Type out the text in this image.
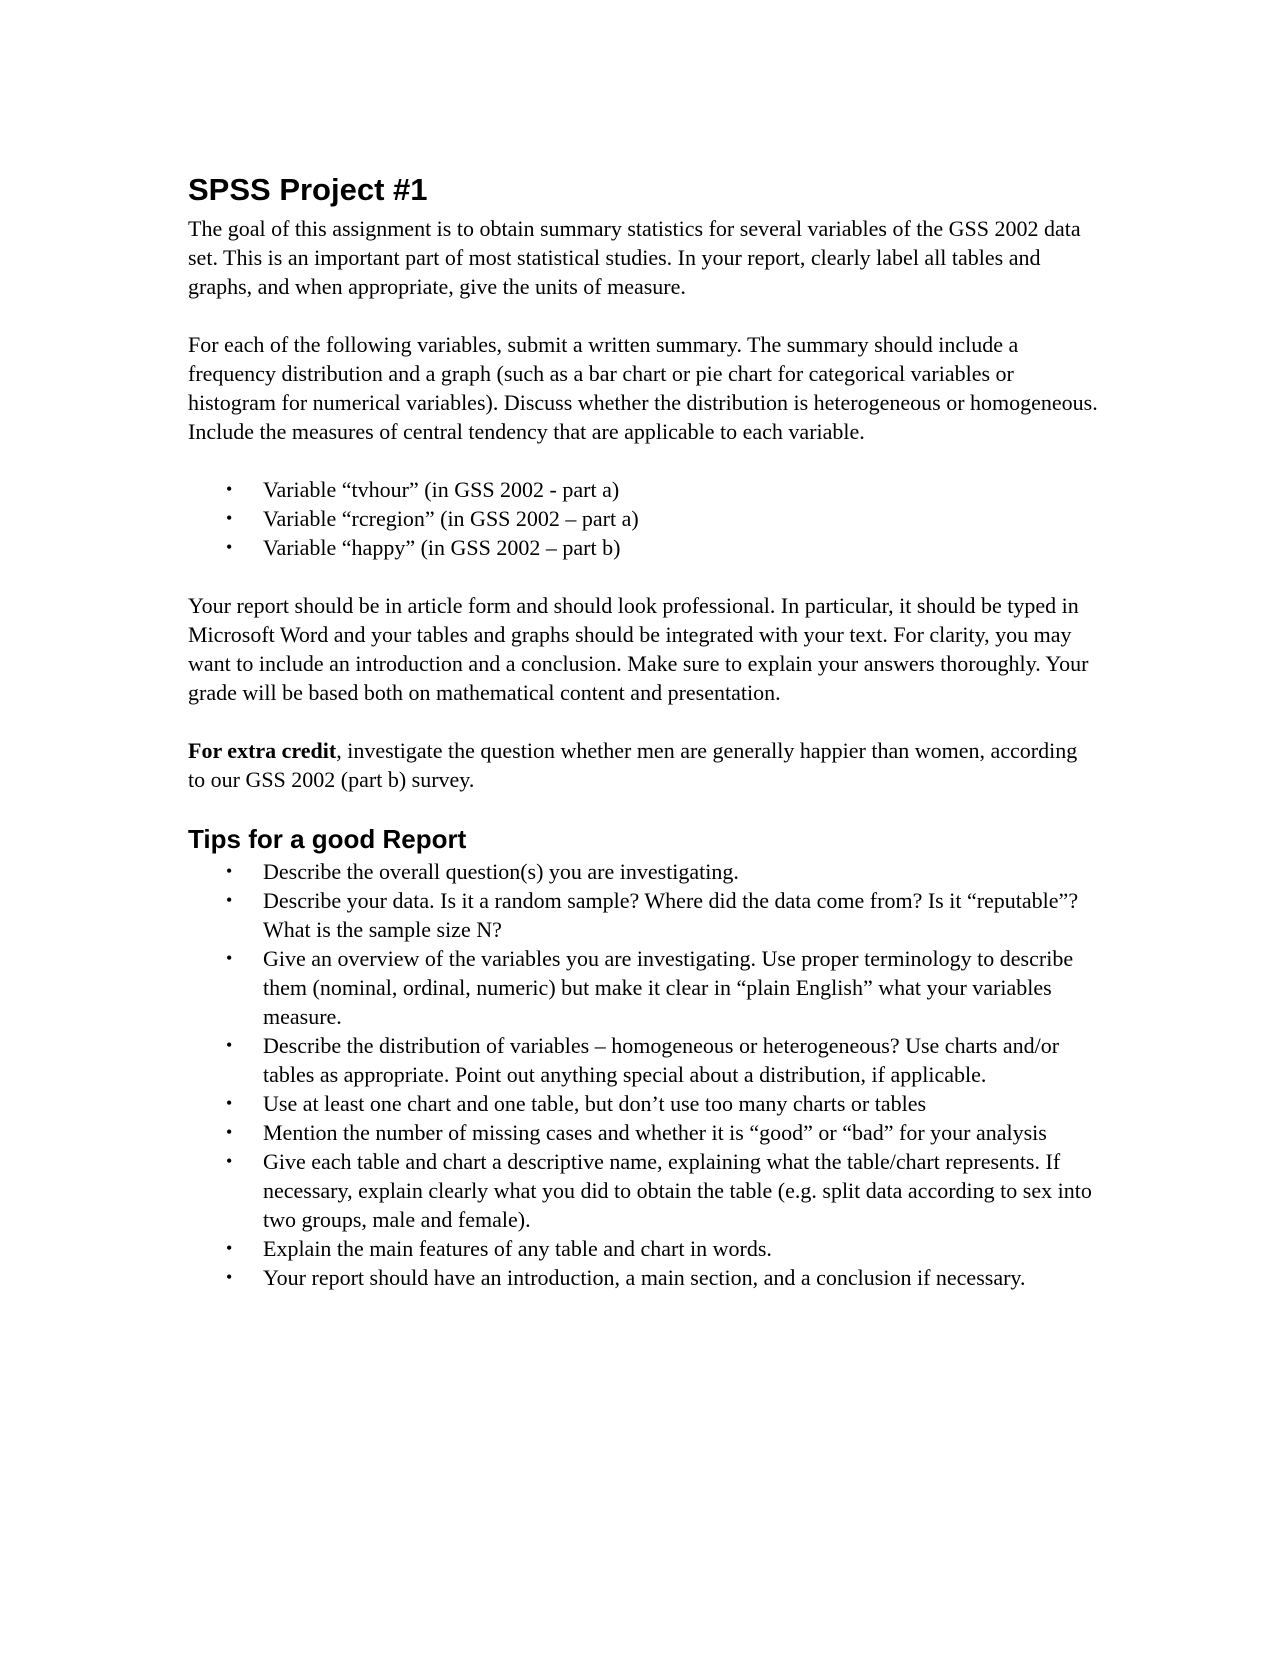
SPSS Project #1

The goal of this assignment is to obtain summary statistics for several variables of the GSS 2002 data set. This is an important part of most statistical studies. In your report, clearly label all tables and graphs, and when appropriate, give the units of measure.

For each of the following variables, submit a written summary. The summary should include a frequency distribution and a graph (such as a bar chart or pie chart for categorical variables or histogram for numerical variables). Discuss whether the distribution is heterogeneous or homogeneous. Include the measures of central tendency that are applicable to each variable.

• Variable “tvhour” (in GSS 2002 - part a)
• Variable “rcregion” (in GSS 2002 – part a)
• Variable “happy” (in GSS 2002 – part b)

Your report should be in article form and should look professional. In particular, it should be typed in Microsoft Word and your tables and graphs should be integrated with your text. For clarity, you may want to include an introduction and a conclusion. Make sure to explain your answers thoroughly. Your grade will be based both on mathematical content and presentation.

For extra credit, investigate the question whether men are generally happier than women, according to our GSS 2002 (part b) survey.

Tips for a good Report
• Describe the overall question(s) you are investigating.
• Describe your data. Is it a random sample? Where did the data come from? Is it “reputable”? What is the sample size N?
• Give an overview of the variables you are investigating. Use proper terminology to describe them (nominal, ordinal, numeric) but make it clear in “plain English” what your variables measure.
• Describe the distribution of variables – homogeneous or heterogeneous? Use charts and/or tables as appropriate. Point out anything special about a distribution, if applicable.
• Use at least one chart and one table, but don’t use too many charts or tables
• Mention the number of missing cases and whether it is “good” or “bad” for your analysis
• Give each table and chart a descriptive name, explaining what the table/chart represents. If necessary, explain clearly what you did to obtain the table (e.g. split data according to sex into two groups, male and female).
• Explain the main features of any table and chart in words.
• Your report should have an introduction, a main section, and a conclusion if necessary.
